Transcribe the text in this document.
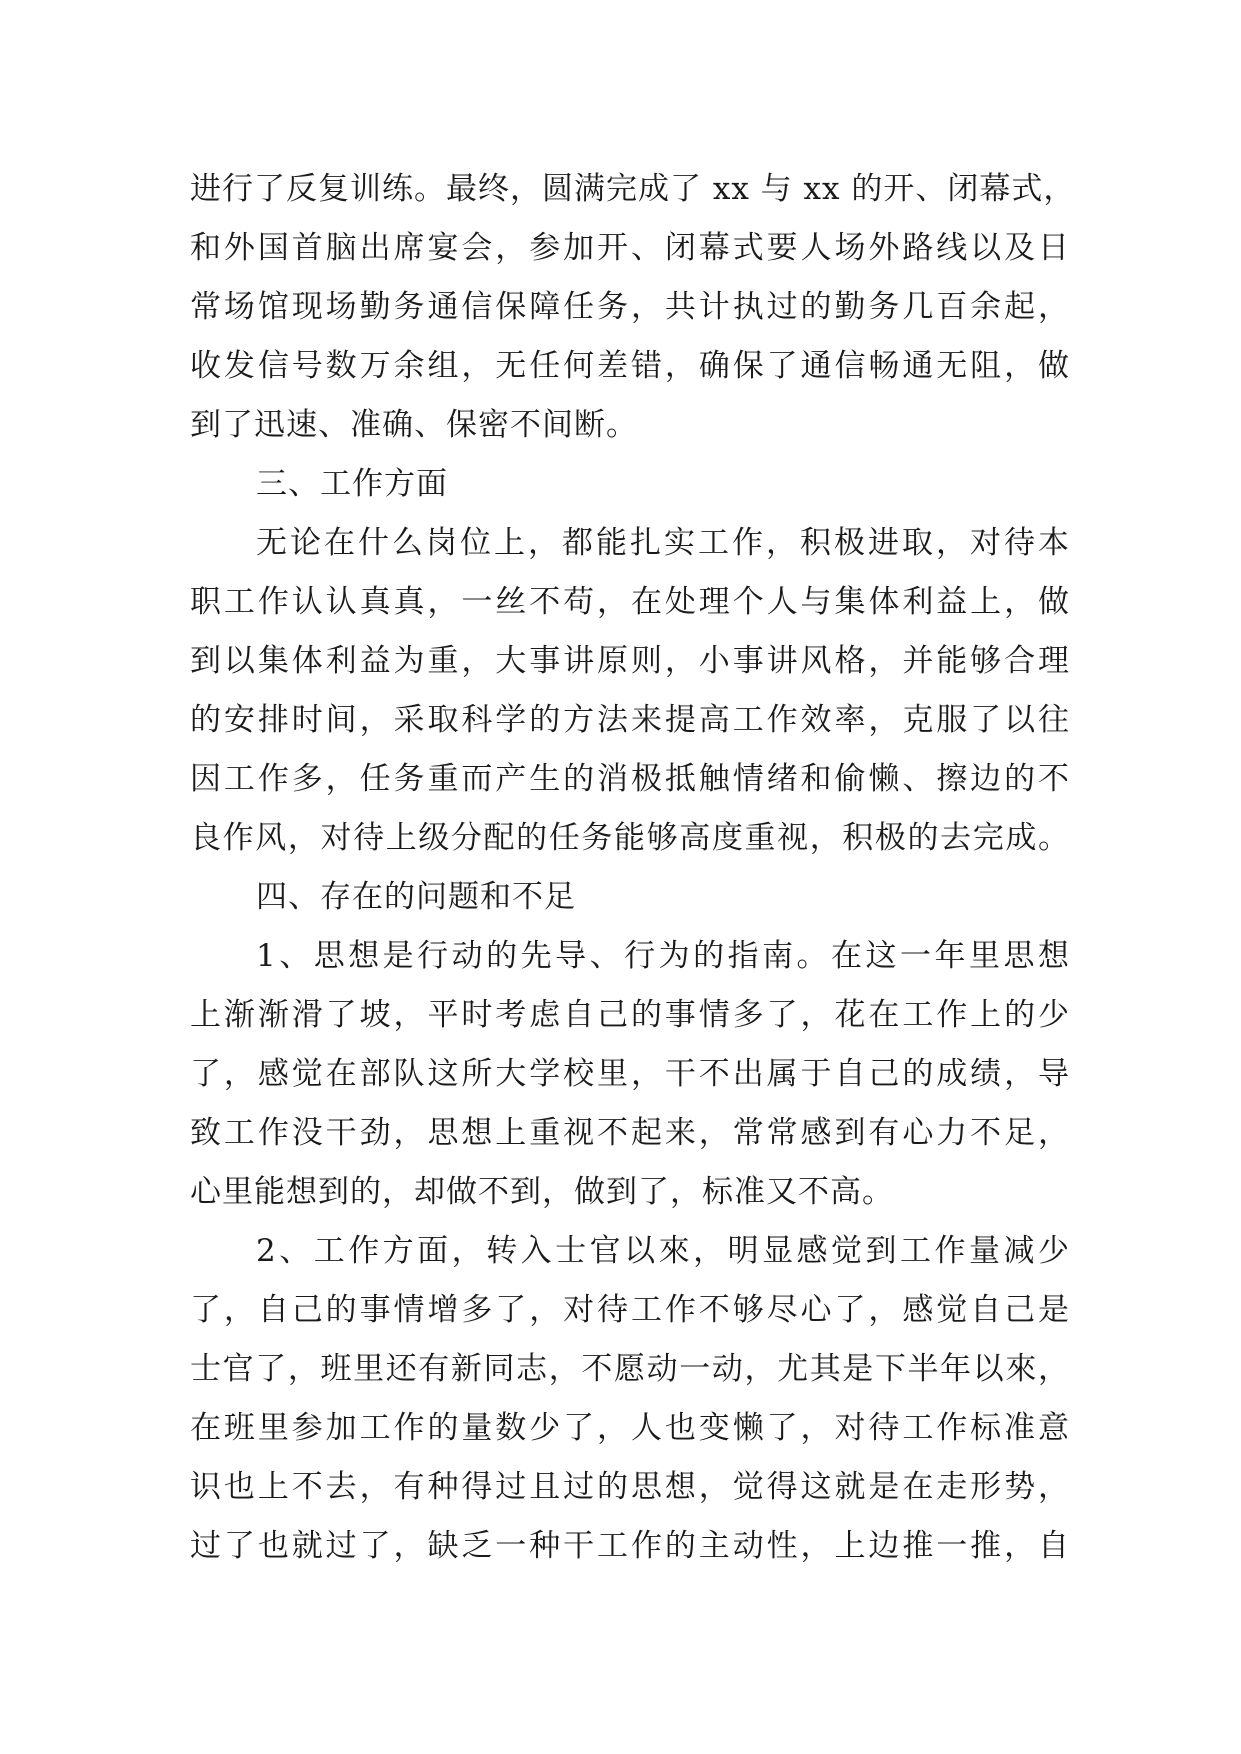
进行了反复训练。最终，圆满完成了 xx 与 xx 的开、闭幕式，
和外国首脑出席宴会，参加开、闭幕式要人场外路线以及日
常场馆现场勤务通信保障任务，共计执过的勤务几百余起，
收发信号数万余组，无任何差错，确保了通信畅通无阻，做
到了迅速、准确、保密不间断。
三、工作方面
无论在什么岗位上，都能扎实工作，积极进取，对待本
职工作认认真真，一丝不苟，在处理个人与集体利益上，做
到以集体利益为重，大事讲原则，小事讲风格，并能够合理
的安排时间，采取科学的方法来提高工作效率，克服了以往
因工作多，任务重而产生的消极抵触情绪和偷懒、擦边的不
良作风，对待上级分配的任务能够高度重视，积极的去完成。
四、存在的问题和不足
1、思想是行动的先导、行为的指南。在这一年里思想
上渐渐滑了坡，平时考虑自己的事情多了，花在工作上的少
了，感觉在部队这所大学校里，干不出属于自己的成绩，导
致工作没干劲，思想上重视不起来，常常感到有心力不足，
心里能想到的，却做不到，做到了，标准又不高。
2、工作方面，转入士官以來，明显感觉到工作量减少
了，自己的事情增多了，对待工作不够尽心了，感觉自己是
士官了，班里还有新同志，不愿动一动，尤其是下半年以來，
在班里参加工作的量数少了，人也变懒了，对待工作标准意
识也上不去，有种得过且过的思想，觉得这就是在走形势，
过了也就过了，缺乏一种干工作的主动性，上边推一推，自
